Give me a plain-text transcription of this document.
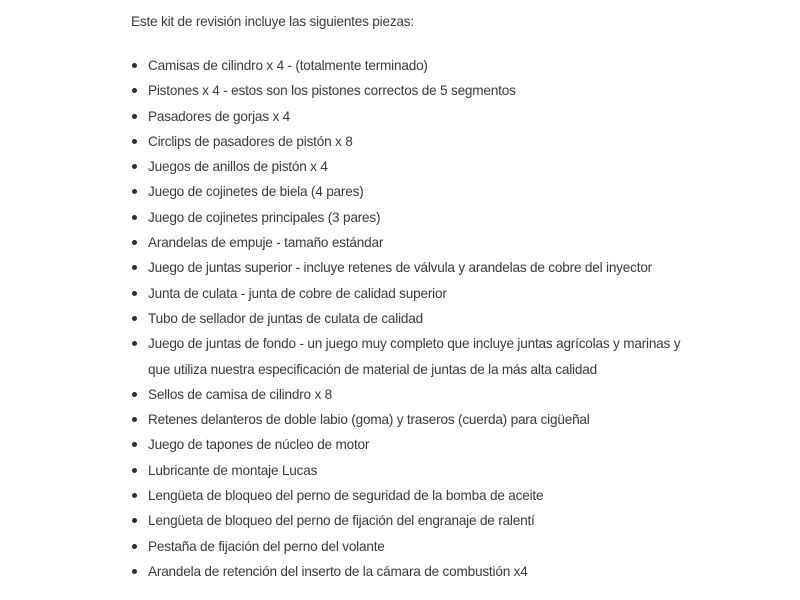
Este kit de revisión incluye las siguientes piezas:

Camisas de cilindro x 4 - (totalmente terminado)
Pistones x 4 - estos son los pistones correctos de 5 segmentos
Pasadores de gorjas x 4
Circlips de pasadores de pistón x 8
Juegos de anillos de pistón x 4
Juego de cojinetes de biela (4 pares)
Juego de cojinetes principales (3 pares)
Arandelas de empuje - tamaño estándar
Juego de juntas superior - incluye retenes de válvula y arandelas de cobre del inyector
Junta de culata - junta de cobre de calidad superior
Tubo de sellador de juntas de culata de calidad
Juego de juntas de fondo - un juego muy completo que incluye juntas agrícolas y marinas y que utiliza nuestra especificación de material de juntas de la más alta calidad
Sellos de camisa de cilindro x 8
Retenes delanteros de doble labio (goma) y traseros (cuerda) para cigüeñal
Juego de tapones de núcleo de motor
Lubricante de montaje Lucas
Lengüeta de bloqueo del perno de seguridad de la bomba de aceite
Lengüeta de bloqueo del perno de fijación del engranaje de ralentí
Pestaña de fijación del perno del volante
Arandela de retención del inserto de la cámara de combustión x4
